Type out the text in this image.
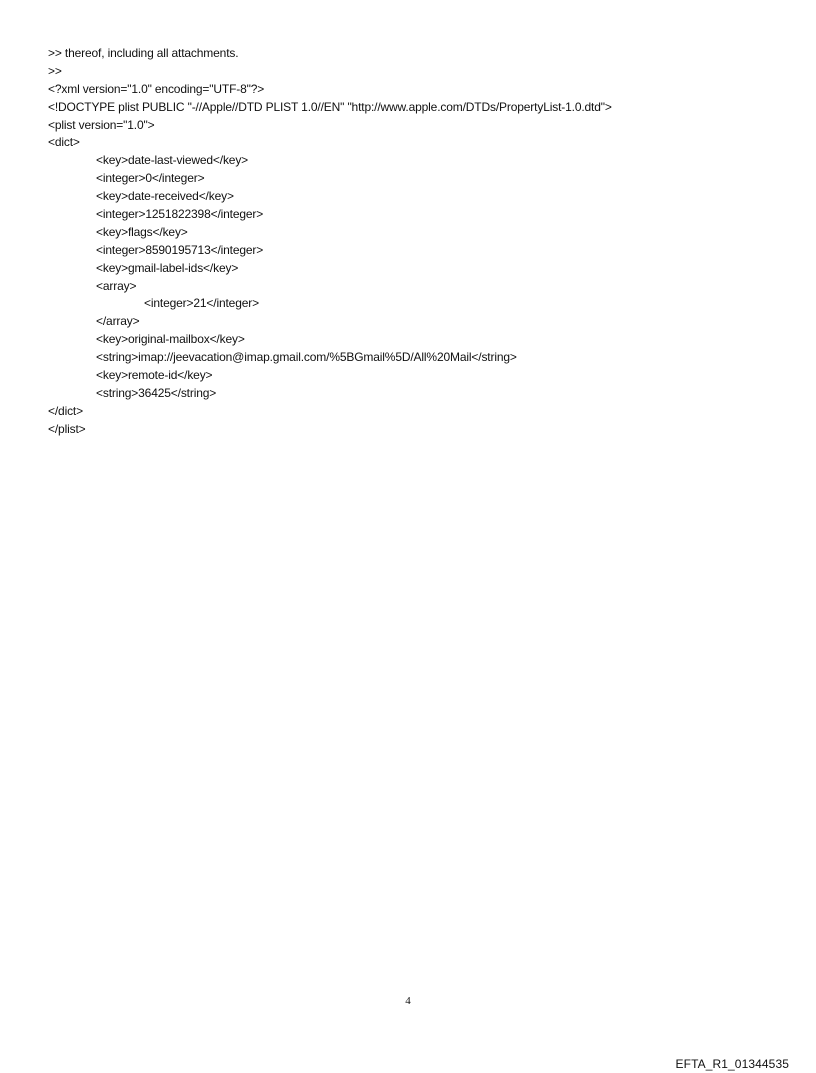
>> thereof, including all attachments.
>>
<?xml version="1.0" encoding="UTF-8"?>
<!DOCTYPE plist PUBLIC "-//Apple//DTD PLIST 1.0//EN" "http://www.apple.com/DTDs/PropertyList-1.0.dtd">
<plist version="1.0">
<dict>
<key>date-last-viewed</key>
<integer>0</integer>
<key>date-received</key>
<integer>1251822398</integer>
<key>flags</key>
<integer>8590195713</integer>
<key>gmail-label-ids</key>
<array>
<integer>21</integer>
</array>
<key>original-mailbox</key>
<string>imap://jeevacation@imap.gmail.com/%5BGmail%5D/All%20Mail</string>
<key>remote-id</key>
<string>36425</string>
</dict>
</plist>
4
EFTA_R1_01344535
